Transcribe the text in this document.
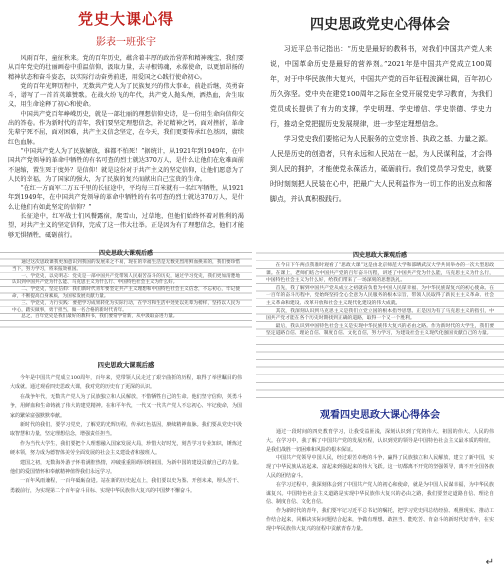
党史大课心得
影表一班张宇

风雨百年，童征秋来。党的百年历史，蕴含着丰厚的政治营养和精神瑰宝，我们要从百年党史的壮丽画卷中重温信仰，汲取力量，去寻根铸魂，永葆使命，以更加昂扬的精神状态和奋斗姿态，以实际行动奋勇前进，用爱国之心践行使命初心。

党的百年光辉历程中，无数共产党人为了民族复兴的伟大事业，前赴后继，英勇奋斗，谱写了一首首英雄赞歌。在战火纷飞的年代，共产党人抛头颅，洒热血，舍生取义，用生命诠释了初心和使命。

中国共产党百年峥嵘历史，就是一部壮丽的理想信仰史诗，是一份用生命向信仰交出的答卷。作为新时代的青年，我们要坚定理想信念，补足精神之钙，面对挫折，革命先辈宁死不屈，面对困难，共产主义信念坚定，在今天，我们更要传承红色基因，赓续红色血脉。

“中国共产党人为了民族解放，谁都不怕死！”据统计，从1921年到1949年，在中国共产党领导的革命中牺牲的有名可查的烈士就达370万人，是什么让他们在危难面前不退缩，置生死于度外？是信仰！就是这份对于共产主义的坚定信仰，让他们愿意为了人民的幸福，为了国家的强大，为了民族的复兴而献出自己宝贵的生命。

“在红一方面军二万五千里的长征途中，平均每三百米就有一名红军牺牲，从1921年到1949年，在中国共产党领导的革命中牺牲的有名可查的烈士就达370万人，是什么让他们有如此坚定的信仰？”

长征途中，红军战士们风餐露宿，爬雪山，过草地，但他们始终怀着对胜利的渴望，对共产主义的坚定信仰，完成了这一伟大壮举。正是因为有了理想信念，他们才能够无惧牺牲，砥砺前行。

四史思政党史心得体会

习近平总书记指出：“历史是最好的教科书，对我们中国共产党人来说，中国革命历史是最好的营养剂。”2021年是中国共产党成立100周年，对于中华民族伟大复兴，中国共产党的百年征程波澜壮阔，百年初心历久弥坚。党中央在建党100周年之际在全党开展党史学习教育，为我们党员成长提供了有力的支撑，学史明理、学史增信、学史崇德、学史力行，推动全党把握历史发展规律，进一步坚定理想信念。

学习党史我们要铭记为人民服务的立党宗旨、执政之基、力量之源。人民是历史的创造者，只有永远和人民站在一起，为人民谋利益，才会得到人民的拥护，才能使党永葆活力，砥砺前行。我们党员学习党史，就要时时刻刻把人民装在心中，把最广大人民利益作为一切工作的出发点和落脚点，并认真积极践行。

四史思政大课观后感

通过这次思政课我更加意识到我国的发展来之不易，现在的幸福生活是无数先烈用鲜血换来的，我们要珍惜当下，努力学习，将来报效祖国。

一、学党史，以史明志：党史是一部中国共产党带领人民艰苦奋斗的历史，通过学习党史，我们更加清楚地认识到中国共产党为什么能、马克思主义为什么行、中国特色社会主义为什么好。

二、学党史，坚定信仰：我们新时代青年要坚定共产主义理想和中国特色社会主义信念，不忘初心，牢记使命，不断提高自身素质，为国家发展贡献力量。

三、学党史，力行实践：要把学习成果转化为实际行动，在学习和生活中处处以先辈为榜样，坚持以人民为中心，踏实做事，勇于担当，做一名合格的新时代青年。

总之，百年党史是我们最好的教科书，我们要常学常新，从中汲取奋进力量。

四史思政大课观后感

在今日下午两点我准时观看了“思政大课”这是由北京师范大学和邵晒武汉大学共同举办的一次大型思政课。在课上，老师们结合中国共产党的百年奋斗历程，讲述了中国共产党为什么能，马克思主义为什么行，中国特色社会主义为什么好，给我们带来了一场深刻的思想洗礼。

首先，我了解到中国共产党从成立之初就肩负着为中国人民谋幸福、为中华民族谋复兴的初心使命。在一百年的奋斗历程中，党始终坚持全心全意为人民服务的根本宗旨，带领人民取得了新民主主义革命、社会主义革命和建设、改革开放和社会主义现代化建设的伟大成就。

其次，我深刻认识到马克思主义是我们立党立国的根本指导思想。正是因为有了马克思主义的指引，中国共产党才能在各个历史时期找到正确的道路，取得一个又一个胜利。

最后，我认识到中国特色社会主义是实现中华民族伟大复兴的必由之路。作为新时代的大学生，我们要坚定道路自信、理论自信、制度自信、文化自信，努力学习，为建设社会主义现代化强国贡献自己的力量。

四史思政大课观后感

今年是中国共产党成立100周年，百年来，党带领人民走过了艰辛曲折的历程，取得了举世瞩目的伟大成就。通过观看四史思政大课，我对党的历史有了更深的认识。

在战争年代，无数共产党人为了民族独立和人民解放，不惜牺牲自己的生命。他们坚守信仰，英勇斗争，用鲜血和生命铸就了伟大的建党精神。在和平年代，一代又一代共产党人不忘初心、牢记使命，为国家的繁荣富强默默奉献。

新时代的我们，要学习党史，了解党的光辉历程，传承红色基因，赓续精神血脉。我们要从党史中汲取智慧和力量，坚定理想信念，增强责任担当。

作为当代大学生，我们要把个人理想融入国家发展大局，珍惜大好时光，刻苦学习专业知识，锤炼过硬本领，努力成为德智体美劳全面发展的社会主义建设者和接班人。

建国之初，无数海外游子怀着满腔热情，冲破重重阻碍回到祖国，为新中国的建设贡献自己的力量。他们的爱国情怀和奉献精神值得我们永远学习。

一百年风雨兼程，一百年砥砺奋进。站在新的历史起点上，我们要以史为鉴、开创未来，埋头苦干、勇毅前行，为实现第二个百年奋斗目标、实现中华民族伟大复兴的中国梦不懈奋斗。

观看四史思政大课心得体会

通过一段时间的四史教育学习，让我受益匪浅，深刻认识到了党的伟大、祖国的伟大、人民的伟大。在学习中，我了解了中国共产党的发展历程，认识到党的领导是中国特色社会主义最本质的特征，是我们战胜一切困难和风险的根本保证。

中国共产党领导中国人民，经过艰苦卓绝的斗争，赢得了民族独立和人民解放，建立了新中国，实现了中华民族从站起来、富起来到强起来的伟大飞跃。这一切都离不开党的坚强领导，离不开全国各族人民的团结奋斗。

在学习过程中，我深刻体会到了中国共产党人的初心和使命，就是为中国人民谋幸福，为中华民族谋复兴。中国特色社会主义道路是实现中华民族伟大复兴的必由之路，我们要坚定道路自信、理论自信、制度自信、文化自信。

作为新时代的青年，我们要牢记习近平总书记的嘱托，把学习党史同总结经验、观照现实、推动工作结合起来，同解决实际问题结合起来，争做有理想、敢担当、能吃苦、肯奋斗的新时代好青年，在实现中华民族伟大复兴的征程中贡献青春力量。

↵
